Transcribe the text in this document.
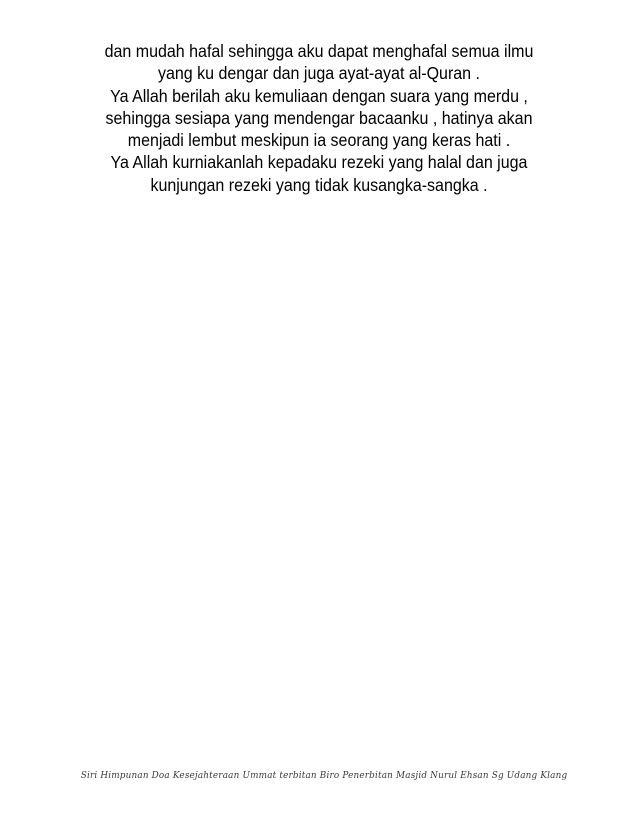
dan mudah hafal sehingga aku dapat menghafal semua ilmu
yang ku dengar dan juga ayat-ayat al-Quran .
Ya Allah berilah aku kemuliaan dengan suara yang merdu ,
sehingga sesiapa yang mendengar bacaanku , hatinya akan
menjadi lembut meskipun ia seorang yang keras hati .
Ya Allah kurniakanlah kepadaku rezeki yang halal dan juga
kunjungan rezeki yang tidak kusangka-sangka .

Siri Himpunan Doa Kesejahteraan Ummat terbitan Biro Penerbitan Masjid Nurul Ehsan Sg Udang Klang
